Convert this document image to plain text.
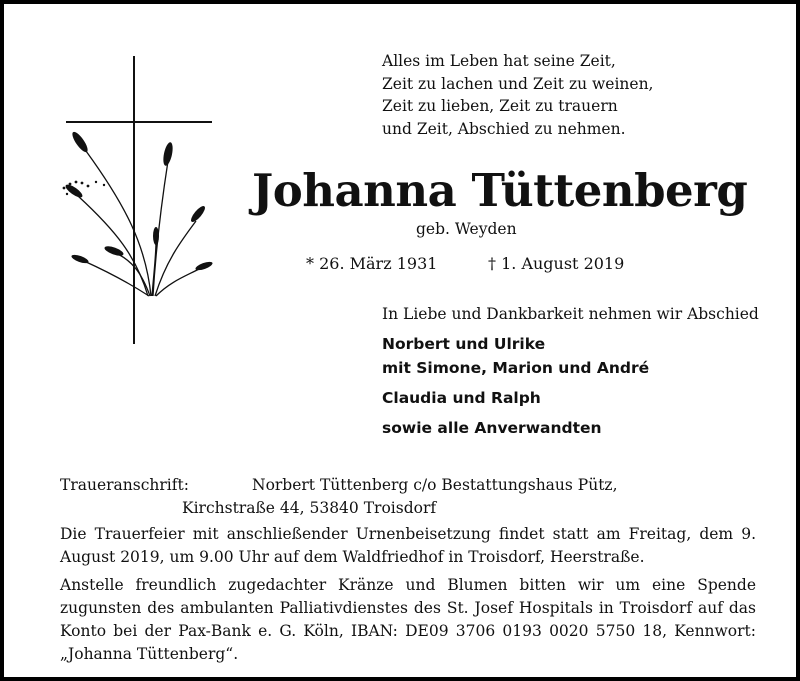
Alles im Leben hat seine Zeit,
Zeit zu lachen und Zeit zu weinen,
Zeit zu lieben, Zeit zu trauern
und Zeit, Abschied zu nehmen.
Johanna Tüttenberg
geb. Weyden
* 26. März 1931	† 1. August 2019
In Liebe und Dankbarkeit nehmen wir Abschied
Norbert und Ulrike
mit Simone, Marion und André
Claudia und Ralph
sowie alle Anverwandten
Traueranschrift:	Norbert Tüttenberg c/o Bestattungshaus Pütz,
Kirchstraße 44, 53840 Troisdorf
Die Trauerfeier mit anschließender Urnenbeisetzung findet statt am Freitag, dem 9. August 2019, um 9.00 Uhr auf dem Waldfriedhof in Troisdorf, Heerstraße.
Anstelle freundlich zugedachter Kränze und Blumen bitten wir um eine Spende zugunsten des ambulanten Palliativdienstes des St. Josef Hospitals in Troisdorf auf das Konto bei der Pax-Bank e. G. Köln, IBAN: DE09 3706 0193 0020 5750 18, Kennwort: „Johanna Tüttenberg“.
